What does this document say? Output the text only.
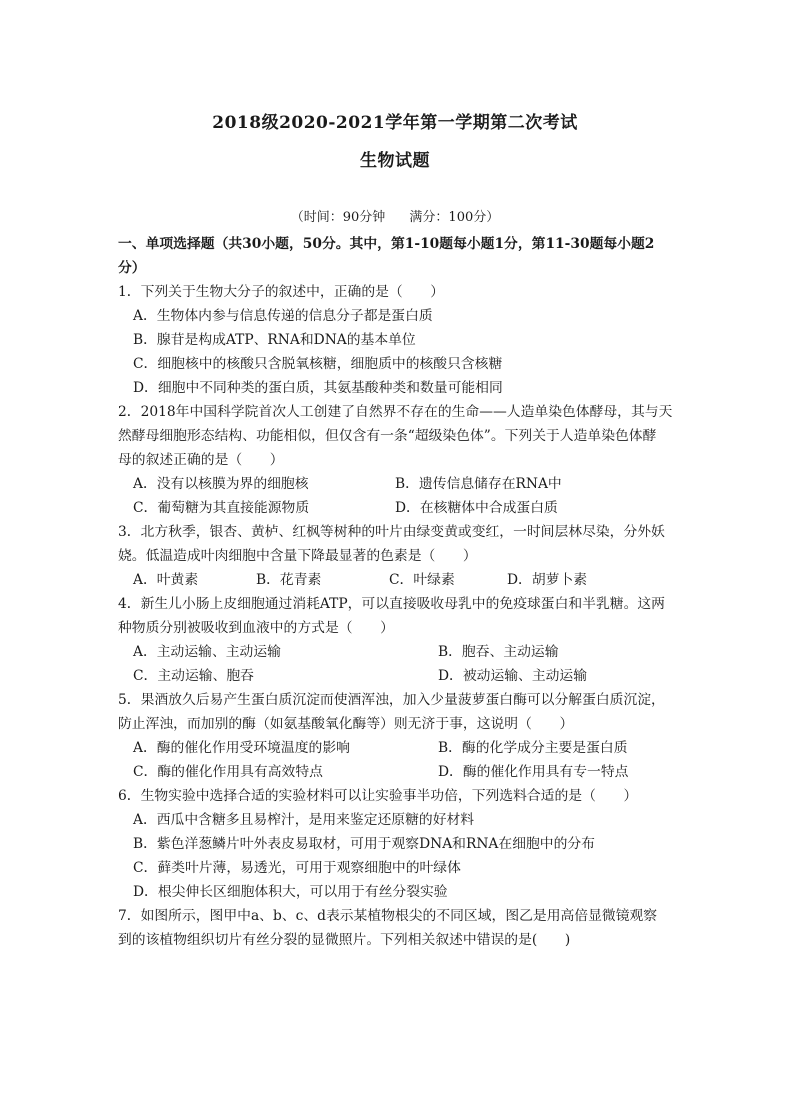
2018级2020-2021学年第一学期第二次考试
生物试题
（时间：90分钟 满分：100分）
一、单项选择题（共30小题，50分。其中，第1-10题每小题1分，第11-30题每小题2
分）
1．下列关于生物大分子的叙述中，正确的是（　　）
A．生物体内参与信息传递的信息分子都是蛋白质
B．腺苷是构成ATP、RNA和DNA的基本单位
C．细胞核中的核酸只含脱氧核糖，细胞质中的核酸只含核糖
D．细胞中不同种类的蛋白质，其氨基酸种类和数量可能相同
2．2018年中国科学院首次人工创建了自然界不存在的生命——人造单染色体酵母，其与天
然酵母细胞形态结构、功能相似，但仅含有一条“超级染色体”。下列关于人造单染色体酵
母的叙述正确的是（　　）
A．没有以核膜为界的细胞核	B．遗传信息储存在RNA中
C．葡萄糖为其直接能源物质	D．在核糖体中合成蛋白质
3．北方秋季，银杏、黄栌、红枫等树种的叶片由绿变黄或变红，一时间层林尽染，分外妖
娆。低温造成叶肉细胞中含量下降最显著的色素是（　　）
A．叶黄素	B．花青素	C．叶绿素	D．胡萝卜素
4．新生儿小肠上皮细胞通过消耗ATP，可以直接吸收母乳中的免疫球蛋白和半乳糖。这两
种物质分别被吸收到血液中的方式是（　　）
A．主动运输、主动运输	B．胞吞、主动运输
C．主动运输、胞吞	D．被动运输、主动运输
5．果酒放久后易产生蛋白质沉淀而使酒浑浊，加入少量菠萝蛋白酶可以分解蛋白质沉淀，
防止浑浊，而加别的酶（如氨基酸氧化酶等）则无济于事，这说明（　　）
A．酶的催化作用受环境温度的影响	B．酶的化学成分主要是蛋白质
C．酶的催化作用具有高效特点	D．酶的催化作用具有专一特点
6．生物实验中选择合适的实验材料可以让实验事半功倍，下列选料合适的是（　　）
A．西瓜中含糖多且易榨汁，是用来鉴定还原糖的好材料
B．紫色洋葱鳞片叶外表皮易取材，可用于观察DNA和RNA在细胞中的分布
C．藓类叶片薄，易透光，可用于观察细胞中的叶绿体
D．根尖伸长区细胞体积大，可以用于有丝分裂实验
7．如图所示，图甲中a、b、c、d表示某植物根尖的不同区域，图乙是用高倍显微镜观察
到的该植物组织切片有丝分裂的显微照片。下列相关叙述中错误的是(　　)
